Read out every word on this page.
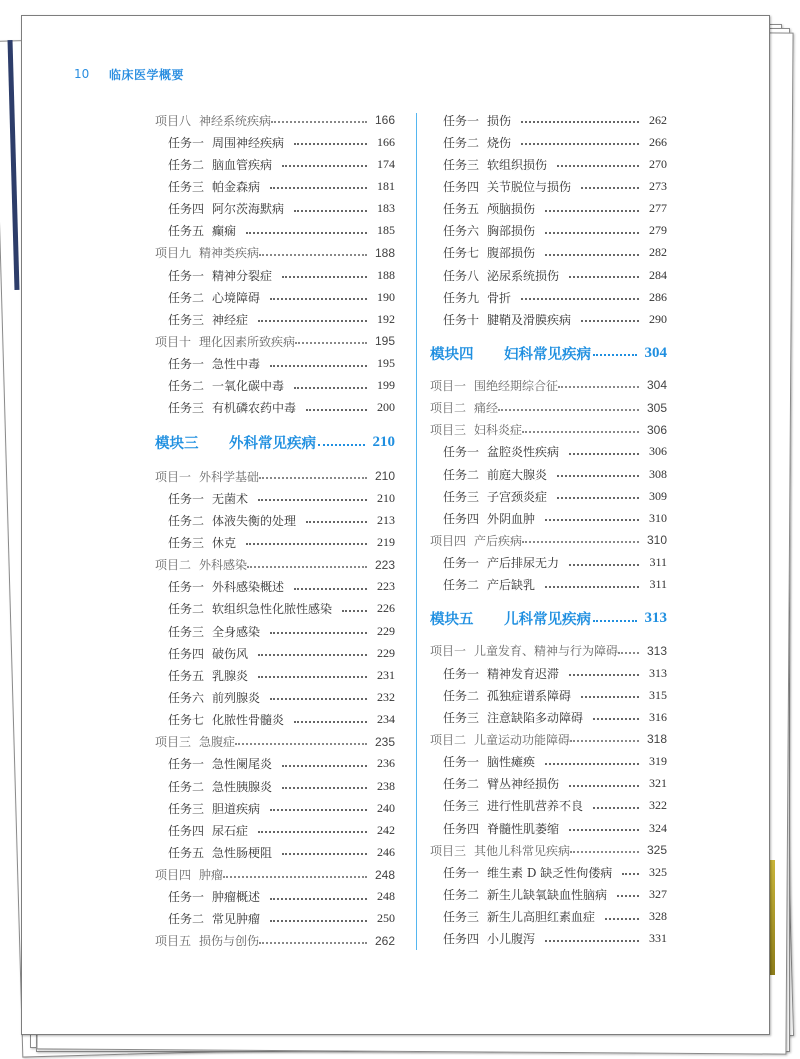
10 临床医学概要
项目八 神经系统疾病	166
任务一 周围神经疾病	166
任务二 脑血管疾病	174
任务三 帕金森病	181
任务四 阿尔茨海默病	183
任务五 癫痫	185
项目九 精神类疾病	188
任务一 精神分裂症	188
任务二 心境障碍	190
任务三 神经症	192
项目十 理化因素所致疾病	195
任务一 急性中毒	195
任务二 一氧化碳中毒	199
任务三 有机磷农药中毒	200
模块三	外科常见疾病	210
项目一 外科学基础	210
任务一 无菌术	210
任务二 体液失衡的处理	213
任务三 休克	219
项目二 外科感染	223
任务一 外科感染概述	223
任务二 软组织急性化脓性感染	226
任务三 全身感染	229
任务四 破伤风	229
任务五 乳腺炎	231
任务六 前列腺炎	232
任务七 化脓性骨髓炎	234
项目三 急腹症	235
任务一 急性阑尾炎	236
任务二 急性胰腺炎	238
任务三 胆道疾病	240
任务四 尿石症	242
任务五 急性肠梗阻	246
项目四 肿瘤	248
任务一 肿瘤概述	248
任务二 常见肿瘤	250
项目五 损伤与创伤	262
任务一 损伤	262
任务二 烧伤	266
任务三 软组织损伤	270
任务四 关节脱位与损伤	273
任务五 颅脑损伤	277
任务六 胸部损伤	279
任务七 腹部损伤	282
任务八 泌尿系统损伤	284
任务九 骨折	286
任务十 腱鞘及滑膜疾病	290
模块四	妇科常见疾病	304
项目一 围绝经期综合征	304
项目二 痛经	305
项目三 妇科炎症	306
任务一 盆腔炎性疾病	306
任务二 前庭大腺炎	308
任务三 子宫颈炎症	309
任务四 外阴血肿	310
项目四 产后疾病	310
任务一 产后排尿无力	311
任务二 产后缺乳	311
模块五	儿科常见疾病	313
项目一 儿童发育、精神与行为障碍 313
任务一 精神发育迟滞	313
任务二 孤独症谱系障碍	315
任务三 注意缺陷多动障碍	316
项目二 儿童运动功能障碍	318
任务一 脑性瘫痪	319
任务二 臂丛神经损伤	321
任务三 进行性肌营养不良	322
任务四 脊髓性肌萎缩	324
项目三 其他儿科常见疾病	325
任务一 维生素 D 缺乏性佝偻病	325
任务二 新生儿缺氧缺血性脑病	327
任务三 新生儿高胆红素血症	328
任务四 小儿腹泻	331
